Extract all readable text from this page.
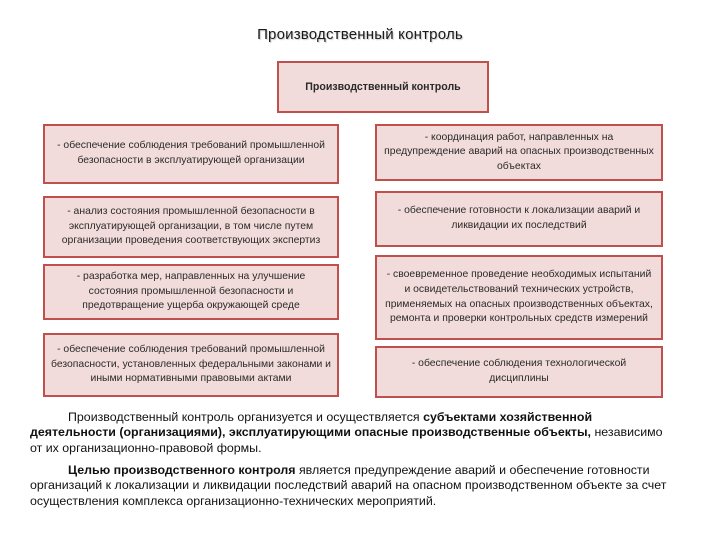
Производственный контроль
Производственный контроль
- обеспечение соблюдения требований промышленной безопасности в эксплуатирующей организации
- анализ состояния промышленной безопасности в эксплуатирующей организации, в том числе путем организации проведения соответствующих экспертиз
- разработка мер, направленных на улучшение состояния промышленной безопасности и предотвращение ущерба окружающей среде
- обеспечение соблюдения требований промышленной безопасности, установленных федеральными законами и иными нормативными правовыми актами
- координация работ, направленных на предупреждение аварий на опасных производственных объектах
- обеспечение готовности к локализации аварий и ликвидации их последствий
- своевременное проведение необходимых испытаний и освидетельствований технических устройств, применяемых на опасных производственных объектах, ремонта и проверки контрольных средств измерений
- обеспечение соблюдения технологической дисциплины

Производственный контроль организуется и осуществляется субъектами хозяйственной деятельности (организациями), эксплуатирующими опасные производственные объекты, независимо от их организационно-правовой формы.

Целью производственного контроля является предупреждение аварий и обеспечение готовности организаций к локализации и ликвидации последствий аварий на опасном производственном объекте за счет осуществления комплекса организационно-технических мероприятий.
